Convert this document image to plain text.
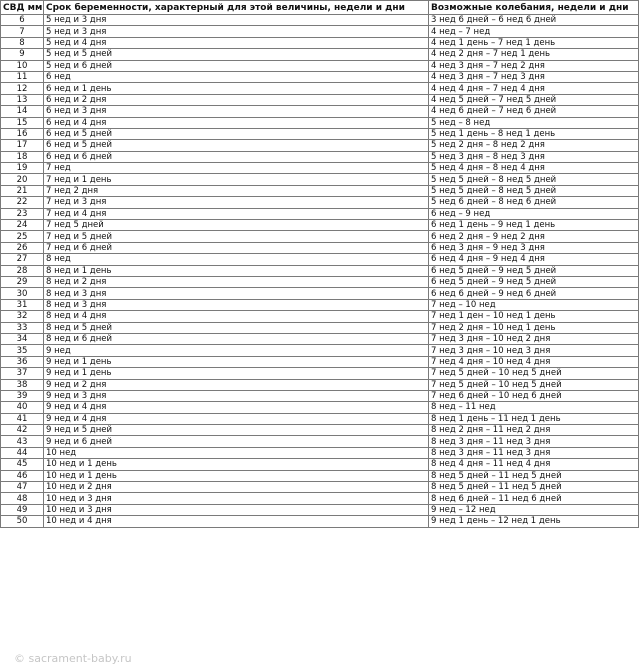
СВД мм	Срок беременности, характерный для этой величины, недели и дни	Возможные колебания, недели и дни
6	5 нед и 3 дня	3 нед 6 дней – 6 нед 6 дней
7	5 нед и 3 дня	4 нед – 7 нед
8	5 нед и 4 дня	4 нед 1 день – 7 нед 1 день
9	5 нед и 5 дней	4 нед 2 дня – 7 нед 1 день
10	5 нед и 6 дней	4 нед 3 дня – 7 нед 2 дня
11	6 нед	4 нед 3 дня – 7 нед 3 дня
12	6 нед и 1 день	4 нед 4 дня – 7 нед 4 дня
13	6 нед и 2 дня	4 нед 5 дней – 7 нед 5 дней
14	6 нед и 3 дня	4 нед 6 дней – 7 нед 6 дней
15	6 нед и 4 дня	5 нед – 8 нед
16	6 нед и 5 дней	5 нед 1 день – 8 нед 1 день
17	6 нед и 5 дней	5 нед 2 дня – 8 нед 2 дня
18	6 нед и 6 дней	5 нед 3 дня – 8 нед 3 дня
19	7 нед	5 нед 4 дня – 8 нед 4 дня
20	7 нед и 1 день	5 нед 5 дней – 8 нед 5 дней
21	7 нед 2 дня	5 нед 5 дней – 8 нед 5 дней
22	7 нед и 3 дня	5 нед 6 дней – 8 нед 6 дней
23	7 нед и 4 дня	6 нед – 9 нед
24	7 нед 5 дней	6 нед 1 день – 9 нед 1 день
25	7 нед и 5 дней	6 нед 2 дня – 9 нед 2 дня
26	7 нед и 6 дней	6 нед 3 дня – 9 нед 3 дня
27	8 нед	6 нед 4 дня – 9 нед 4 дня
28	8 нед и 1 день	6 нед 5 дней – 9 нед 5 дней
29	8 нед и 2 дня	6 нед 5 дней – 9 нед 5 дней
30	8 нед и 3 дня	6 нед 6 дней – 9 нед 6 дней
31	8 нед и 3 дня	7 нед – 10 нед
32	8 нед и 4 дня	7 нед 1 ден – 10 нед 1 день
33	8 нед и 5 дней	7 нед 2 дня – 10 нед 1 день
34	8 нед и 6 дней	7 нед 3 дня – 10 нед 2 дня
35	9 нед	7 нед 3 дня – 10 нед 3 дня
36	9 нед и 1 день	7 нед 4 дня – 10 нед 4 дня
37	9 нед и 1 день	7 нед 5 дней – 10 нед 5 дней
38	9 нед и 2 дня	7 нед 5 дней – 10 нед 5 дней
39	9 нед и 3 дня	7 нед 6 дней – 10 нед 6 дней
40	9 нед и 4 дня	8 нед – 11 нед
41	9 нед и 4 дня	8 нед 1 день – 11 нед 1 день
42	9 нед и 5 дней	8 нед 2 дня – 11 нед 2 дня
43	9 нед и 6 дней	8 нед 3 дня – 11 нед 3 дня
44	10 нед	8 нед 3 дня – 11 нед 3 дня
45	10 нед и 1 день	8 нед 4 дня – 11 нед 4 дня
46	10 нед и 1 день	8 нед 5 дней – 11 нед 5 дней
47	10 нед и 2 дня	8 нед 5 дней – 11 нед 5 дней
48	10 нед и 3 дня	8 нед 6 дней – 11 нед 6 дней
49	10 нед и 3 дня	9 нед – 12 нед
50	10 нед и 4 дня	9 нед 1 день – 12 нед 1 день
© sacrament-baby.ru
